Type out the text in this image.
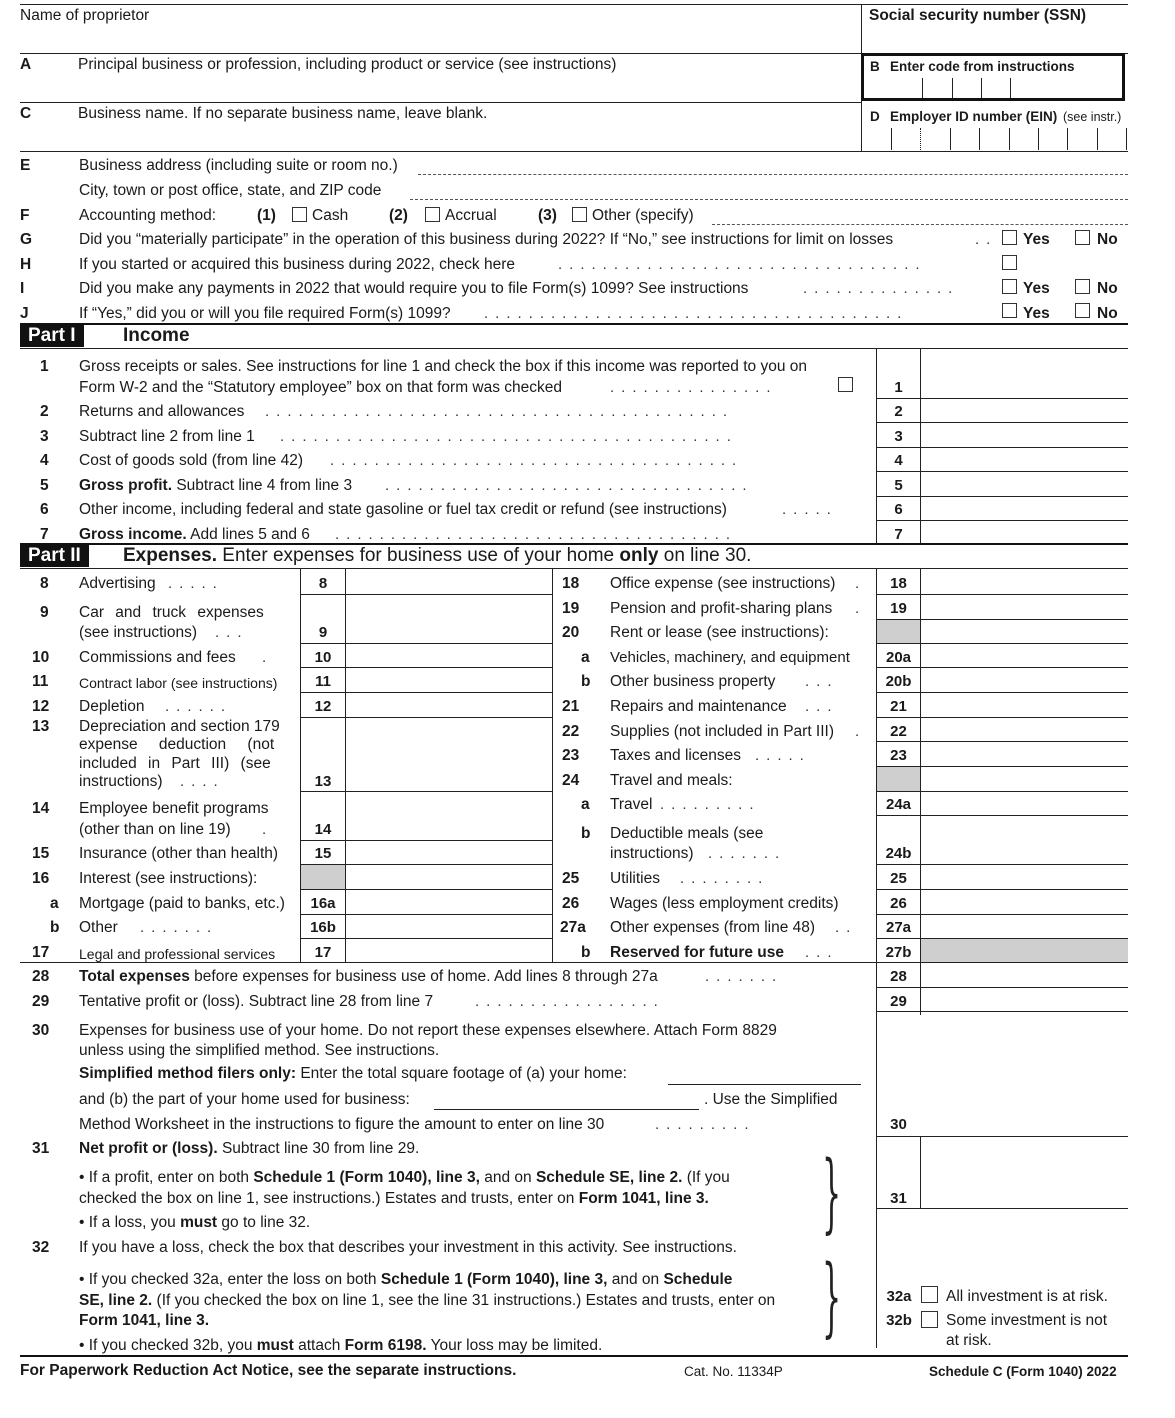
Name of proprietor	Social security number (SSN)
A	Principal business or profession, including product or service (see instructions)	B Enter code from instructions
C	Business name. If no separate business name, leave blank.	D Employer ID number (EIN) (see instr.)
E	Business address (including suite or room no.)
City, town or post office, state, and ZIP code
F	Accounting method:	(1) Cash	(2) Accrual	(3) Other (specify)
G	Did you “materially participate” in the operation of this business during 2022? If “No,” see instructions for limit on losses	.. Yes	No
H	If you started or acquired this business during 2022, check here	.................................
I	Did you make any payments in 2022 that would require you to file Form(s) 1099? See instructions	..............	Yes	No
J	If “Yes,” did you or will you file required Form(s) 1099? ......................................	Yes	No
Part I	Income
1 Gross receipts or sales. See instructions for line 1 and check the box if this income was reported to you on
Form W-2 and the “Statutory employee” box on that form was checked	...............	1
2 Returns and allowances ..........................................	2
3 Subtract line 2 from line 1 .........................................	3
4 Cost of goods sold (from line 42) .....................................	4
5 Gross profit. Subtract line 4 from line 3 .................................	5
6 Other income, including federal and state gasoline or fuel tax credit or refund (see instructions)	.....	6
7 Gross income. Add lines 5 and 6 ....................................	7
Part II	Expenses. Enter expenses for business use of your home only on line 30.
8 Advertising .....	8
9 Car and truck expenses
(see instructions) ...	9
10 Commissions and fees .	10
11 Contract labor (see instructions)	11
12 Depletion ......	12
13 Depreciation and section 179
expense deduction (not
included in Part III) (see
instructions) ....	13
14 Employee benefit programs
(other than on line 19) .	14
15 Insurance (other than health)	15
16 Interest (see instructions):
a Mortgage (paid to banks, etc.)	16a
b Other .......	16b
17 Legal and professional services	17
18 Office expense (see instructions) .	18
19 Pension and profit-sharing plans .	19
20 Rent or lease (see instructions):
a Vehicles, machinery, and equipment	20a
b Other business property ...	20b
21 Repairs and maintenance ...	21
22 Supplies (not included in Part III) .	22
23 Taxes and licenses .....	23
24 Travel and meals:
a Travel .........	24a
b Deductible meals (see
instructions) .......	24b
25 Utilities ........	25
26 Wages (less employment credits)	26
27a Other expenses (from line 48) ..	27a
b Reserved for future use ...	27b
28 Total expenses before expenses for business use of home. Add lines 8 through 27a	.......	28
29 Tentative profit or (loss). Subtract line 28 from line 7	.................	29
30 Expenses for business use of your home. Do not report these expenses elsewhere. Attach Form 8829
unless using the simplified method. See instructions.
Simplified method filers only: Enter the total square footage of (a) your home:
and (b) the part of your home used for business:	. Use the Simplified
Method Worksheet in the instructions to figure the amount to enter on line 30	.........	30
31 Net profit or (loss). Subtract line 30 from line 29.
• If a profit, enter on both Schedule 1 (Form 1040), line 3, and on Schedule SE, line 2. (If you
checked the box on line 1, see instructions.) Estates and trusts, enter on Form 1041, line 3.
• If a loss, you must go to line 32.	}	31
32 If you have a loss, check the box that describes your investment in this activity. See instructions.
• If you checked 32a, enter the loss on both Schedule 1 (Form 1040), line 3, and on Schedule
SE, line 2. (If you checked the box on line 1, see the line 31 instructions.) Estates and trusts, enter on
Form 1041, line 3.
• If you checked 32b, you must attach Form 6198. Your loss may be limited.	}	32a All investment is at risk.
32b Some investment is not
at risk.
For Paperwork Reduction Act Notice, see the separate instructions.	Cat. No. 11334P	Schedule C (Form 1040) 2022
